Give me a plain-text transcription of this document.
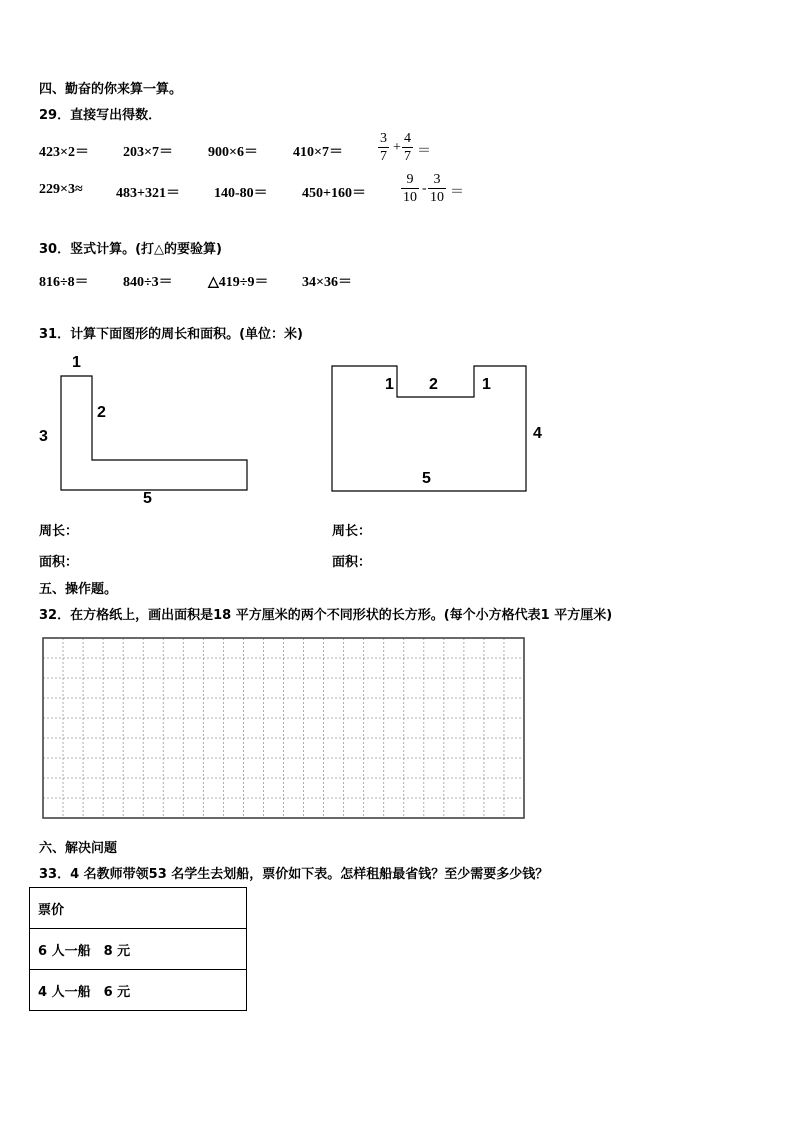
四、勤奋的你来算一算。
29．直接写出得数．
423×2＝ 203×7＝	900×6＝	410×7＝
3
7
+
4
7 ＝
229×3≈ 483+321＝ 140-80＝ 450+160＝
9
10
-
3
10 ＝
30．竖式计算。(打△的要验算)
816÷8＝ 840÷3＝	△419÷9＝ 34×36＝
31．计算下面图形的周长和面积。(单位：米)
1
2
3
5
1 2	1
4
5
周长：	周长：
面积：	面积：
五、操作题。
32．在方格纸上，画出面积是18 平方厘米的两个不同形状的长方形。(每个小方格代表1 平方厘米)
六、解决问题
33．4 名教师带领53 名学生去划船，票价如下表。怎样租船最省钱？至少需要多少钱？
票价
6 人一船　8 元
4 人一船　6 元
